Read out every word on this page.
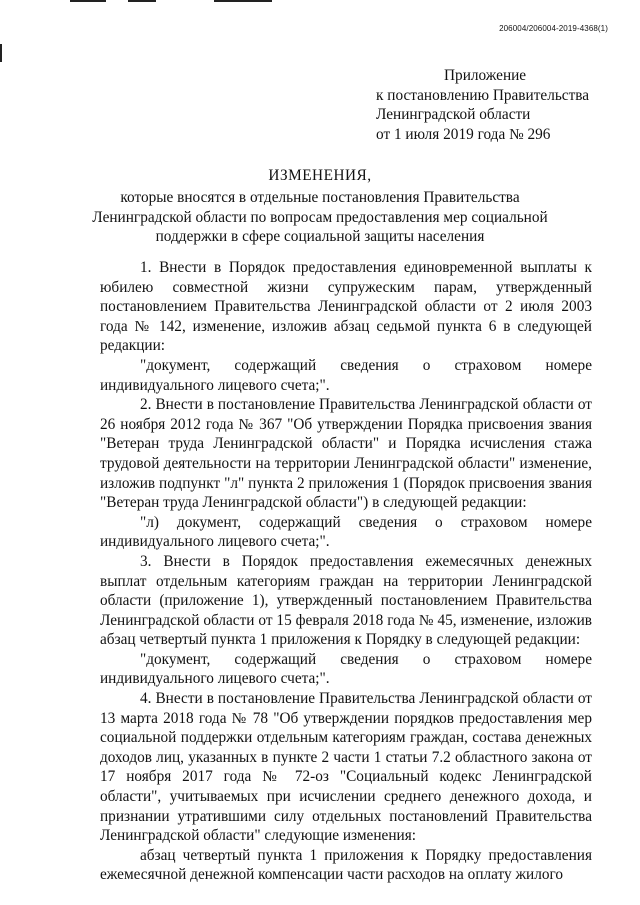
206004/206004-2019-4368(1)
Приложение
к постановлению Правительства
Ленинградской области
от 1 июля 2019 года № 296
ИЗМЕНЕНИЯ,
которые вносятся в отдельные постановления Правительства
Ленинградской области по вопросам предоставления мер социальной
поддержки в сфере социальной защиты населения

1. Внести в Порядок предоставления единовременной выплаты к юбилею совместной жизни супружеским парам, утвержденный постановлением Правительства Ленинградской области от 2 июля 2003 года № 142, изменение, изложив абзац седьмой пункта 6 в следующей редакции:

"документ, содержащий сведения о страховом номере индивидуального лицевого счета;".

2. Внести в постановление Правительства Ленинградской области от 26 ноября 2012 года № 367 "Об утверждении Порядка присвоения звания "Ветеран труда Ленинградской области" и Порядка исчисления стажа трудовой деятельности на территории Ленинградской области" изменение, изложив подпункт "л" пункта 2 приложения 1 (Порядок присвоения звания "Ветеран труда Ленинградской области") в следующей редакции:

"л) документ, содержащий сведения о страховом номере индивидуального лицевого счета;".

3. Внести в Порядок предоставления ежемесячных денежных выплат отдельным категориям граждан на территории Ленинградской области (приложение 1), утвержденный постановлением Правительства Ленинградской области от 15 февраля 2018 года № 45, изменение, изложив абзац четвертый пункта 1 приложения к Порядку в следующей редакции:

"документ, содержащий сведения о страховом номере индивидуального лицевого счета;".

4. Внести в постановление Правительства Ленинградской области от 13 марта 2018 года № 78 "Об утверждении порядков предоставления мер социальной поддержки отдельным категориям граждан, состава денежных доходов лиц, указанных в пункте 2 части 1 статьи 7.2 областного закона от 17 ноября 2017 года № 72-оз "Социальный кодекс Ленинградской области", учитываемых при исчислении среднего денежного дохода, и признании утратившими силу отдельных постановлений Правительства Ленинградской области" следующие изменения:

абзац четвертый пункта 1 приложения к Порядку предоставления ежемесячной денежной компенсации части расходов на оплату жилого
